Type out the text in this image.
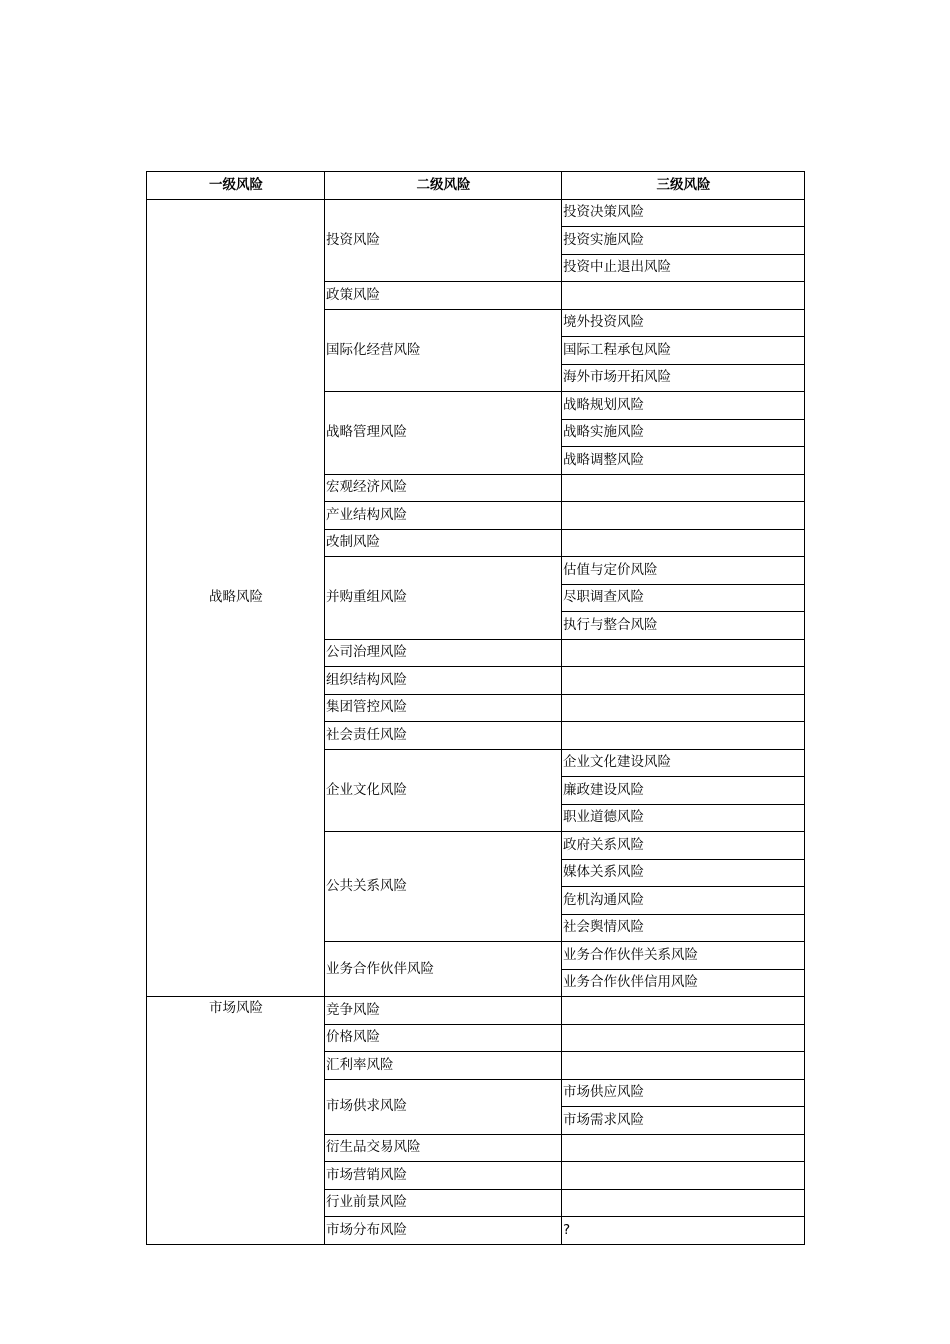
一级风险	二级风险	三级风险
战略风险	投资风险	投资决策风险
		投资实施风险
		投资中止退出风险
	政策风险	
	国际化经营风险	境外投资风险
		国际工程承包风险
		海外市场开拓风险
	战略管理风险	战略规划风险
		战略实施风险
		战略调整风险
	宏观经济风险	
	产业结构风险	
	改制风险	
	并购重组风险	估值与定价风险
		尽职调查风险
		执行与整合风险
	公司治理风险	
	组织结构风险	
	集团管控风险	
	社会责任风险	
	企业文化风险	企业文化建设风险
		廉政建设风险
		职业道德风险
	公共关系风险	政府关系风险
		媒体关系风险
		危机沟通风险
		社会舆情风险
	业务合作伙伴风险	业务合作伙伴关系风险
		业务合作伙伴信用风险
市场风险	竞争风险	
	价格风险	
	汇利率风险	
	市场供求风险	市场供应风险
		市场需求风险
	衍生品交易风险	
	市场营销风险	
	行业前景风险	
	市场分布风险	?
